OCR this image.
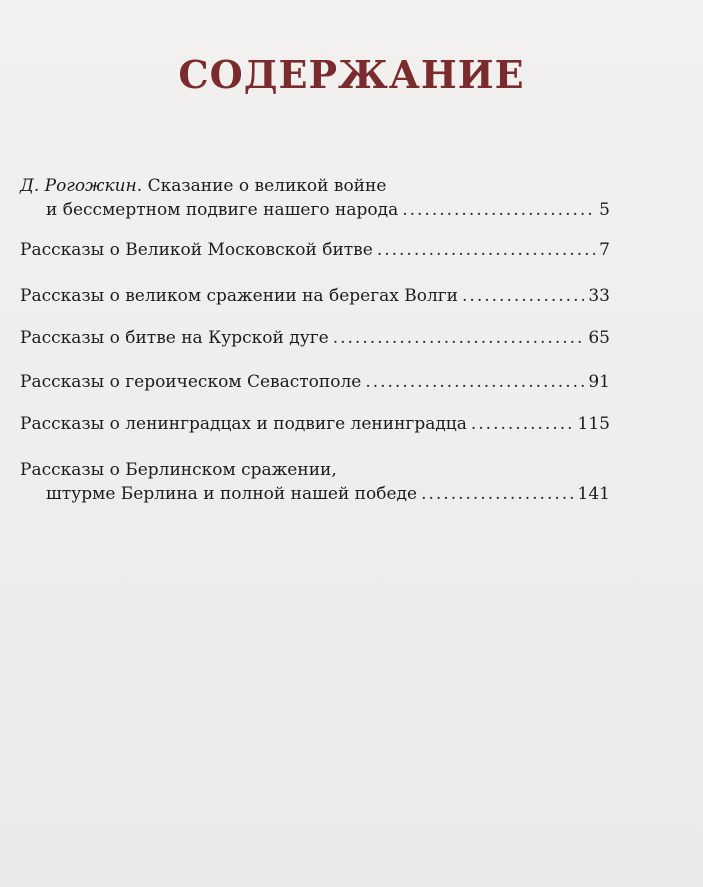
СОДЕРЖАНИЕ
Д. Рогожкин . Сказание о великой войне
и бессмертном подвиге нашего народа .....	5
Рассказы о Великой Московской битве .....	7
Рассказы о великом сражении на берегах Волги .....	33
Рассказы о битве на Курской дуге .....	65
Рассказы о героическом Севастополе .....	91
Рассказы о ленинградцах и подвиге ленинградца .....	115
Рассказы о Берлинском сражении,
штурме Берлина и полной нашей победе .....	141
